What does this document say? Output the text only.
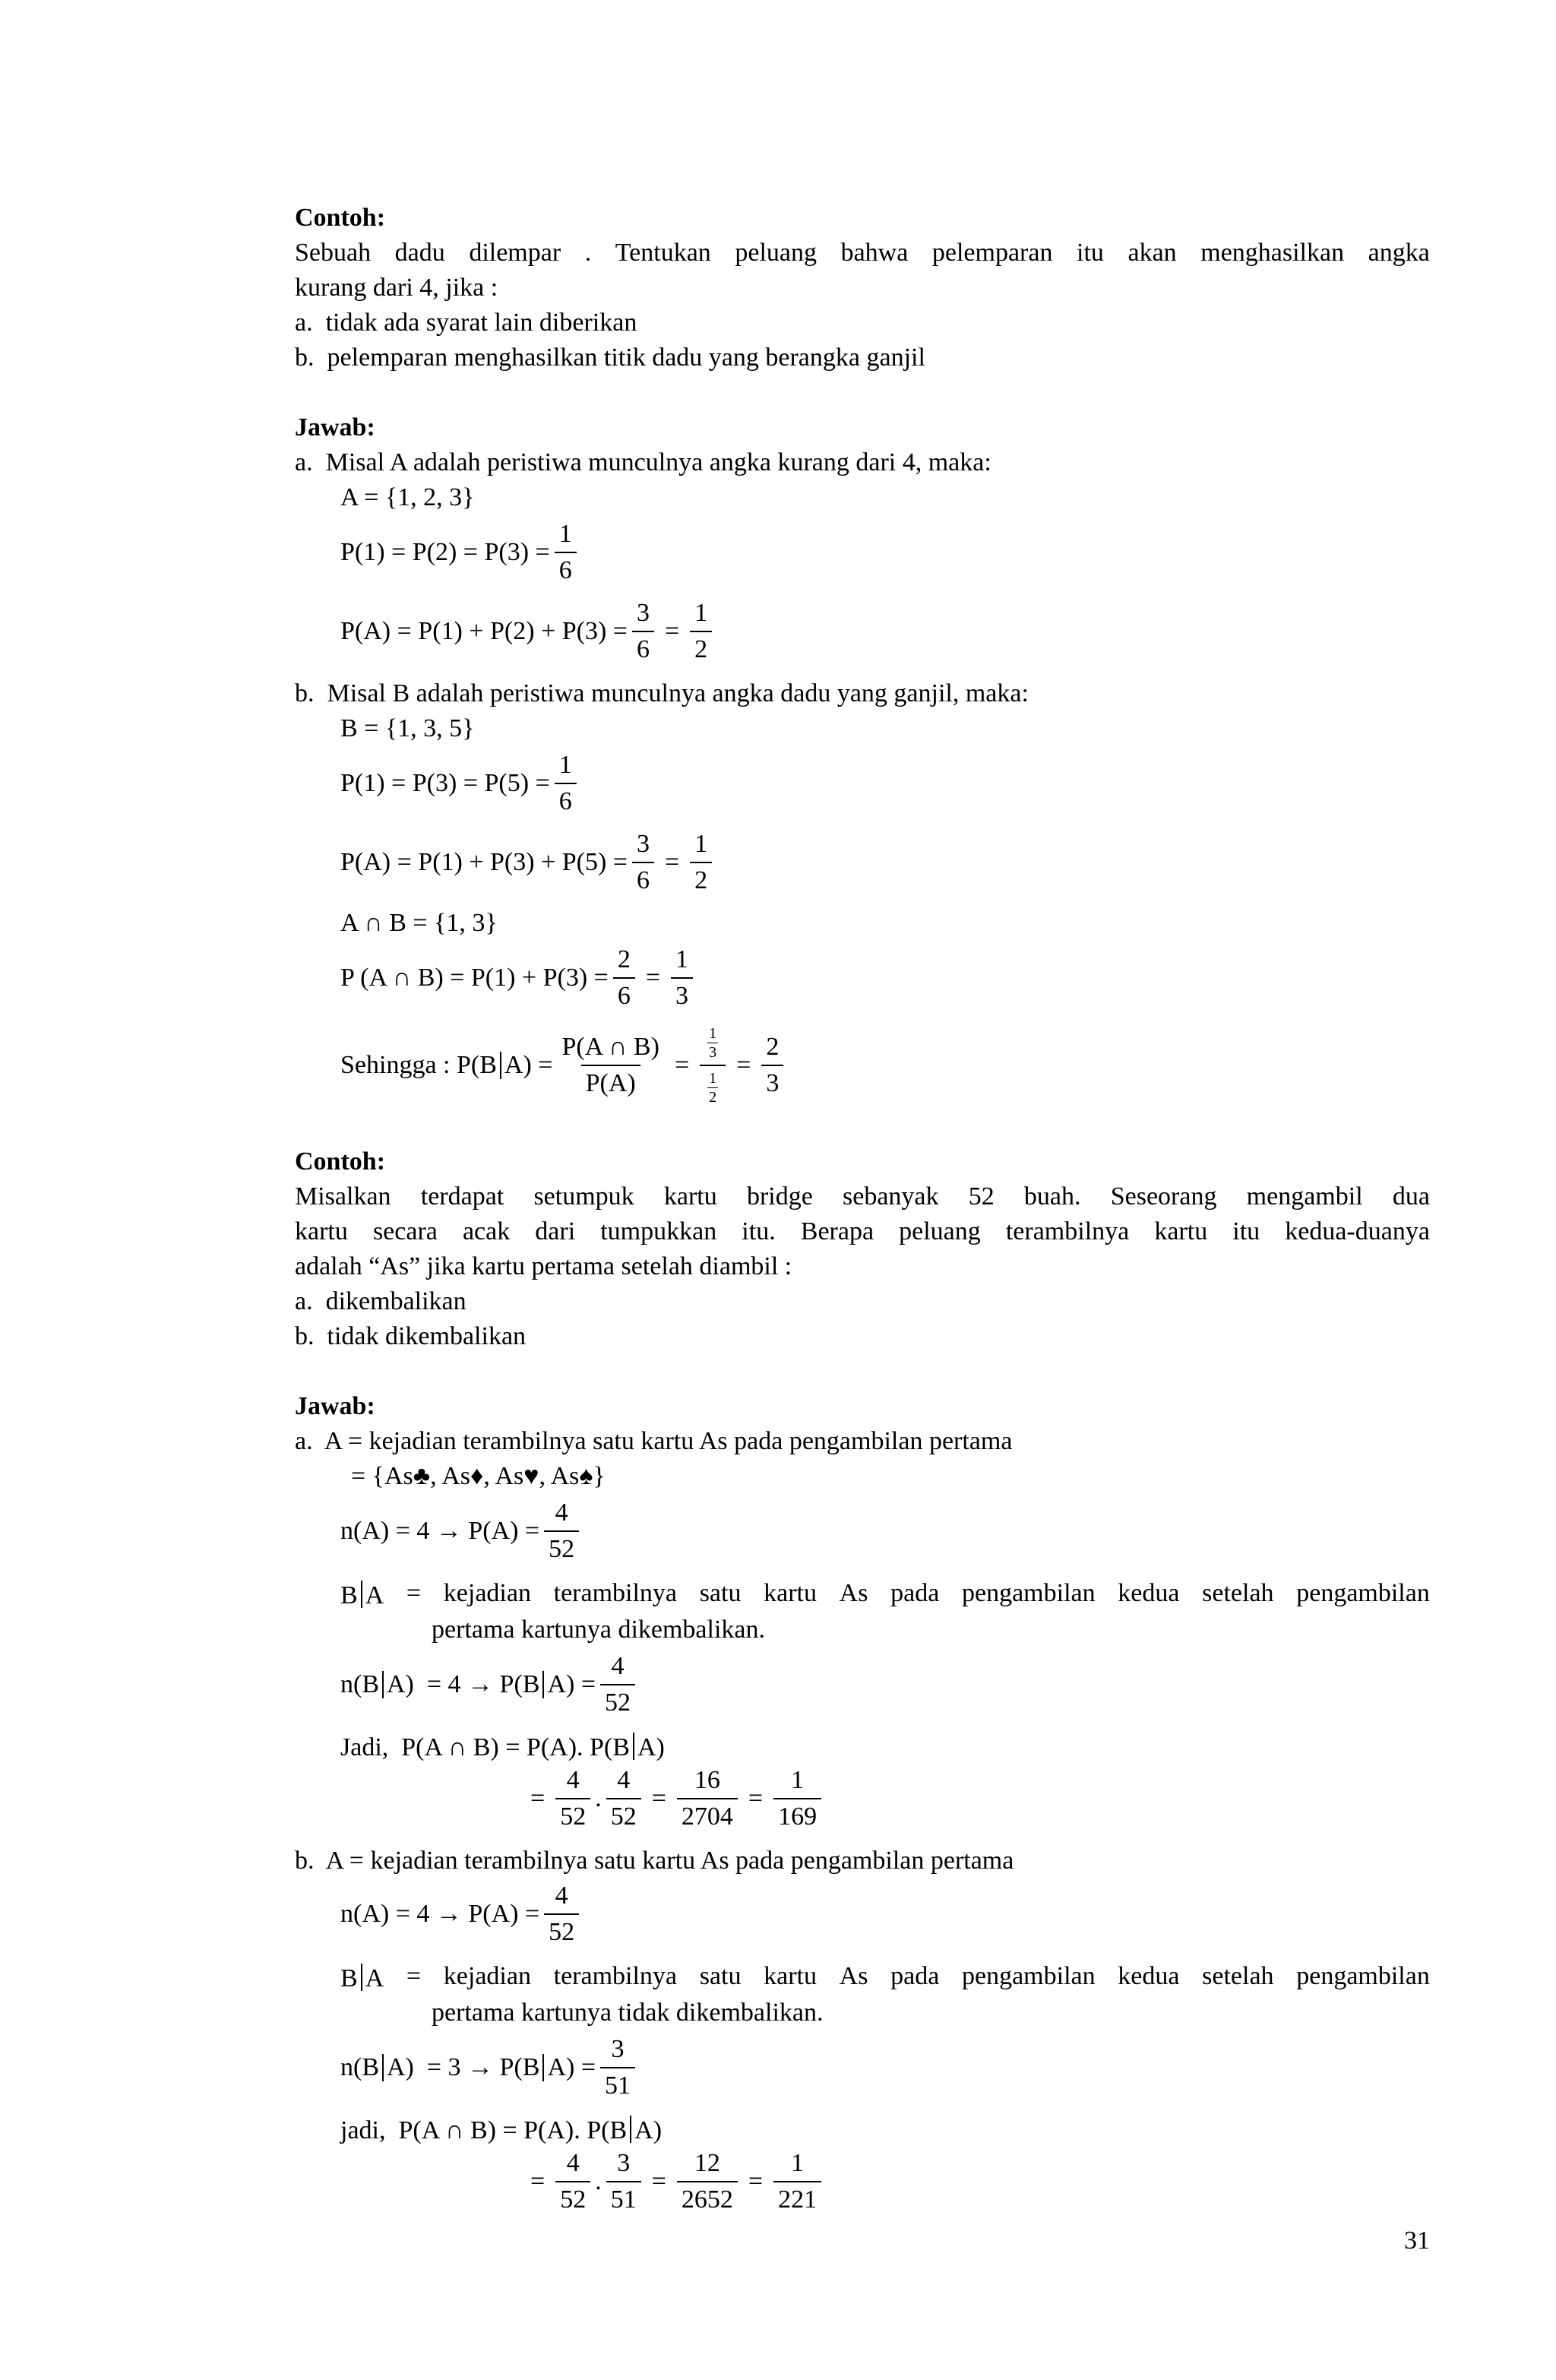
Contoh:
Sebuah dadu dilempar . Tentukan peluang bahwa pelemparan itu akan menghasilkan angka
kurang dari 4, jika :
a.  tidak ada syarat lain diberikan
b.  pelemparan menghasilkan titik dadu yang berangka ganjil
Jawab:
a.  Misal A adalah peristiwa munculnya angka kurang dari 4, maka:
A = {1, 2, 3}
$P(1) = P(2) = P(3) = \frac{1}{6}$
$P(A) = P(1) + P(2) + P(3) = \frac{3}{6} = \frac{1}{2}$
b.  Misal B adalah peristiwa munculnya angka dadu yang ganjil, maka:
B = {1, 3, 5}
$P(1) = P(3) = P(5) = \frac{1}{6}$
$P(A) = P(1) + P(3) + P(5) = \frac{3}{6} = \frac{1}{2}$
A ∩ B = {1, 3}
P (A ∩ $B) = P(1) + P(3) = \frac{2}{6} = \frac{1}{3}$
Sehingga : P(B $A) = \frac{P(A \cap B)}{P(A)} = \frac{\frac{1}{3}}{\frac{1}{2}} = \frac{2}{3}$
Contoh:
Misalkan terdapat setumpuk kartu bridge sebanyak 52 buah. Seseorang mengambil dua
kartu secara acak dari tumpukkan itu. Berapa peluang terambilnya kartu itu kedua-duanya
adalah “As” jika kartu pertama setelah diambil :
a.  dikembalikan
b.  tidak dikembalikan
Jawab:
a.  A = kejadian terambilnya satu kartu As pada pengambilan pertama
= {As♣, As♦, As♥, As♠}
$n(A) = 4 \to P(A) = \frac{4}{52}$
B A = kejadian terambilnya satu kartu As pada pengambilan kedua setelah pengambilan
pertama kartunya dikembalikan.
n(B A)  = 4 → P(B $A) = \frac{4}{52}$
Jadi,  P(A ∩ B) = P(A). P(B A)
= $\frac{4}{52}$ . $\frac{4}{52} = \frac{16}{2704} = \frac{1}{169}$
b.  A = kejadian terambilnya satu kartu As pada pengambilan pertama
$n(A) = 4 \to P(A) = \frac{4}{52}$
B A = kejadian terambilnya satu kartu As pada pengambilan kedua setelah pengambilan
pertama kartunya tidak dikembalikan.
n(B A)  = 3 → P(B $A) = \frac{3}{51}$
jadi,  P(A ∩ B) = P(A). P(B A)
= $\frac{4}{52}$ . $\frac{3}{51} = \frac{12}{2652} = \frac{1}{221}$
31
